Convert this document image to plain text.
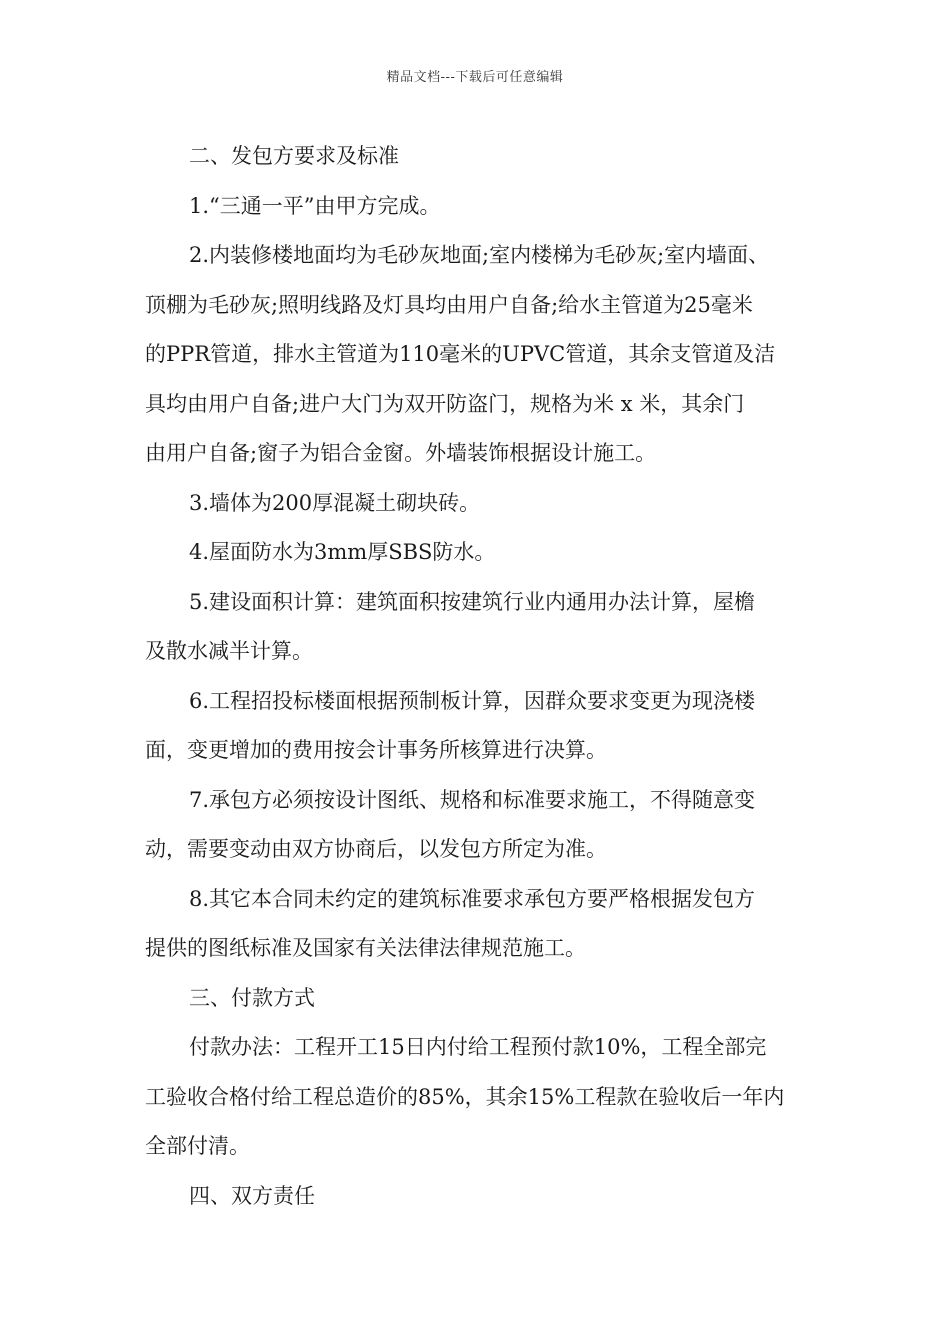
精品文档---下载后可任意编辑

二、发包方要求及标准

1.“三通一平”由甲方完成。

2.内装修楼地面均为毛砂灰地面;室内楼梯为毛砂灰;室内墙面、

顶棚为毛砂灰;照明线路及灯具均由用户自备;给水主管道为25毫米

的PPR管道，排水主管道为110毫米的UPVC管道，其余支管道及洁

具均由用户自备;进户大门为双开防盗门，规格为米 x 米，其余门

由用户自备;窗子为铝合金窗。外墙装饰根据设计施工。

3.墙体为200厚混凝土砌块砖。

4.屋面防水为3mm厚SBS防水。

5.建设面积计算：建筑面积按建筑行业内通用办法计算，屋檐

及散水减半计算。

6.工程招投标楼面根据预制板计算，因群众要求变更为现浇楼

面，变更增加的费用按会计事务所核算进行决算。

7.承包方必须按设计图纸、规格和标准要求施工，不得随意变

动，需要变动由双方协商后，以发包方所定为准。

8.其它本合同未约定的建筑标准要求承包方要严格根据发包方

提供的图纸标准及国家有关法律法律规范施工。

三、付款方式

付款办法：工程开工15日内付给工程预付款10%，工程全部完

工验收合格付给工程总造价的85%，其余15%工程款在验收后一年内

全部付清。

四、双方责任
